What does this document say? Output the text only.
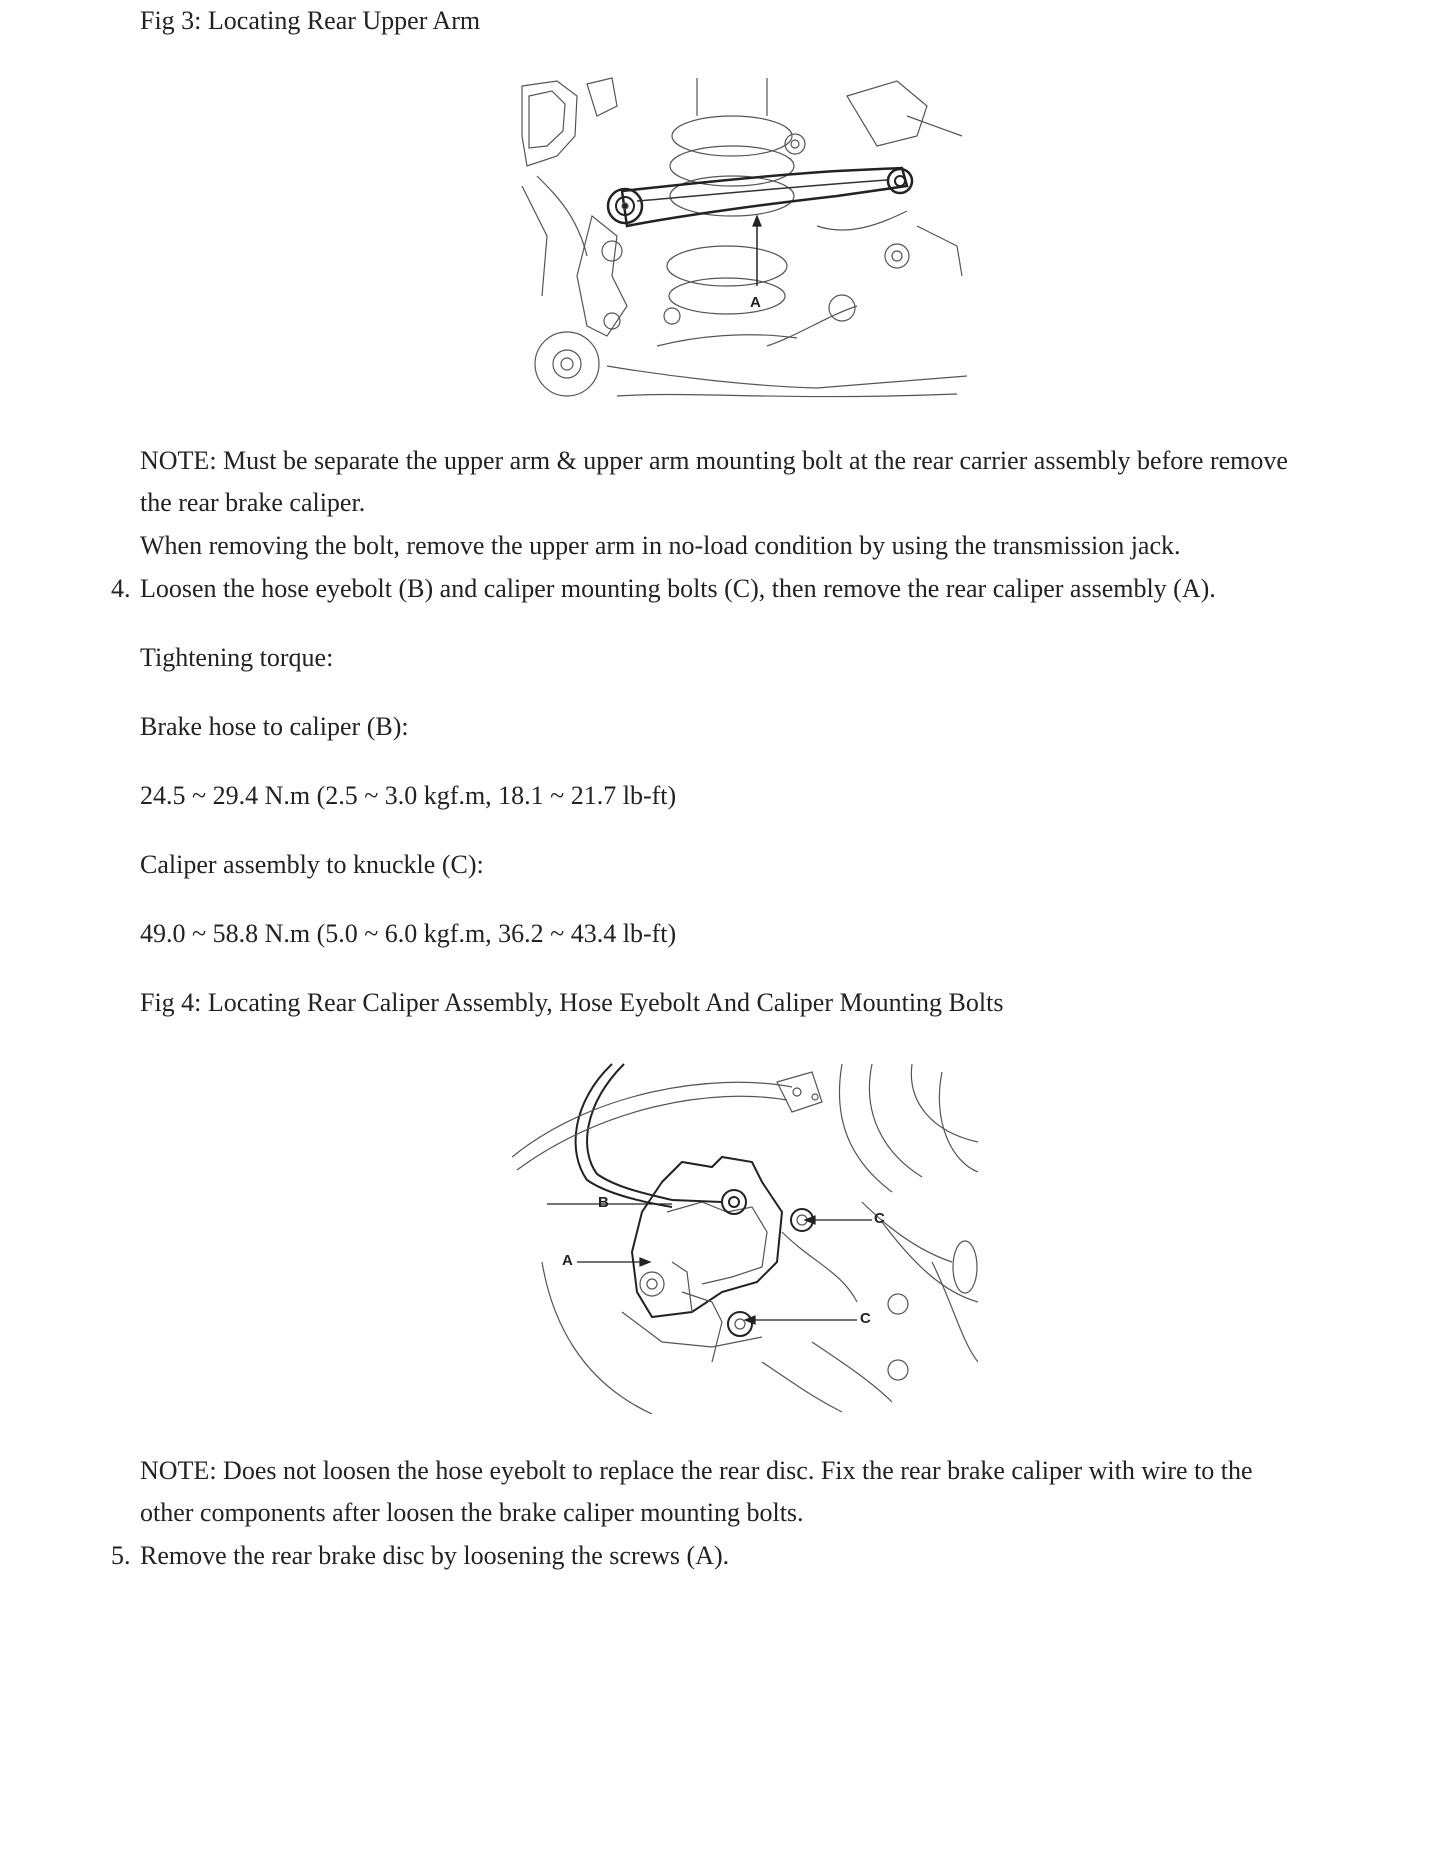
Fig 3: Locating Rear Upper Arm
A
NOTE: Must be separate the upper arm & upper arm mounting bolt at the rear carrier assembly before remove
the rear brake caliper.
When removing the bolt, remove the upper arm in no-load condition by using the transmission jack.
4. Loosen the hose eyebolt (B) and caliper mounting bolts (C), then remove the rear caliper assembly (A).
Tightening torque:
Brake hose to caliper (B):
24.5 ~ 29.4 N.m (2.5 ~ 3.0 kgf.m, 18.1 ~ 21.7 lb-ft)
Caliper assembly to knuckle (C):
49.0 ~ 58.8 N.m (5.0 ~ 6.0 kgf.m, 36.2 ~ 43.4 lb-ft)
Fig 4: Locating Rear Caliper Assembly, Hose Eyebolt And Caliper Mounting Bolts
B
A
C
C
NOTE: Does not loosen the hose eyebolt to replace the rear disc. Fix the rear brake caliper with wire to the
other components after loosen the brake caliper mounting bolts.
5. Remove the rear brake disc by loosening the screws (A).
